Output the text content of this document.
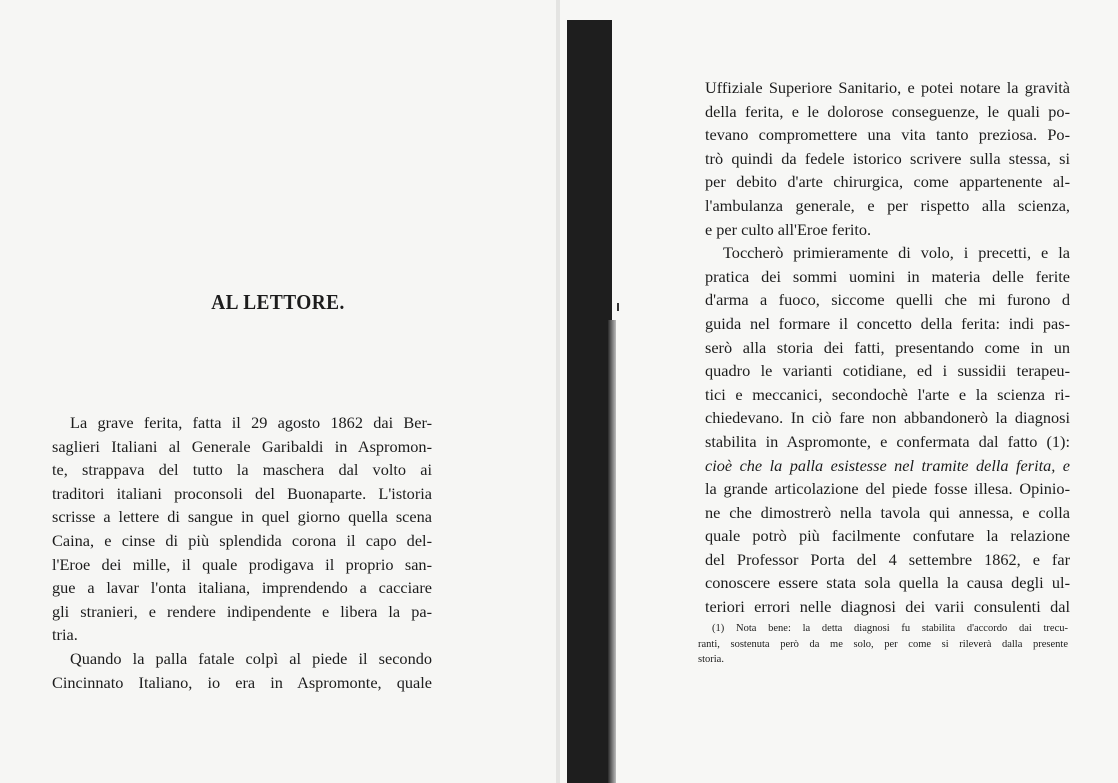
AL LETTORE.

La grave ferita, fatta il 29 agosto 1862 dai Ber-
saglieri Italiani al Generale Garibaldi in Aspromon-
te, strappava del tutto la maschera dal volto ai
traditori italiani proconsoli del Buonaparte. L'istoria
scrisse a lettere di sangue in quel giorno quella scena
Caina, e cinse di più splendida corona il capo del-
l'Eroe dei mille, il quale prodigava il proprio san-
gue a lavar l'onta italiana, imprendendo a cacciare
gli stranieri, e rendere indipendente e libera la pa-
tria.

Quando la palla fatale colpì al piede il secondo
Cincinnato Italiano, io era in Aspromonte, quale

Uffiziale Superiore Sanitario, e potei notare la gravità
della ferita, e le dolorose conseguenze, le quali po-
tevano compromettere una vita tanto preziosa. Po-
trò quindi da fedele istorico scrivere sulla stessa, si
per debito d'arte chirurgica, come appartenente al-
l'ambulanza generale, e per rispetto alla scienza,
e per culto all'Eroe ferito.

Toccherò primieramente di volo, i precetti, e la
pratica dei sommi uomini in materia delle ferite
d'arma a fuoco, siccome quelli che mi furono d
guida nel formare il concetto della ferita: indi pas-
serò alla storia dei fatti, presentando come in un
quadro le varianti cotidiane, ed i sussidii terapeu-
tici e meccanici, secondochè l'arte e la scienza ri-
chiedevano. In ciò fare non abbandonerò la diagnosi
stabilita in Aspromonte, e confermata dal fatto (1):
cioè che la palla esistesse nel tramite della ferita, e
la grande articolazione del piede fosse illesa. Opinio-
ne che dimostrerò nella tavola qui annessa, e colla
quale potrò più facilmente confutare la relazione
del Professor Porta del 4 settembre 1862, e far
conoscere essere stata sola quella la causa degli ul-
teriori errori nelle diagnosi dei varii consulenti dal

(1) Nota bene: la detta diagnosi fu stabilita d'accordo dai trecu-
ranti, sostenuta però da me solo, per come si rileverà dalla presente
storia.
